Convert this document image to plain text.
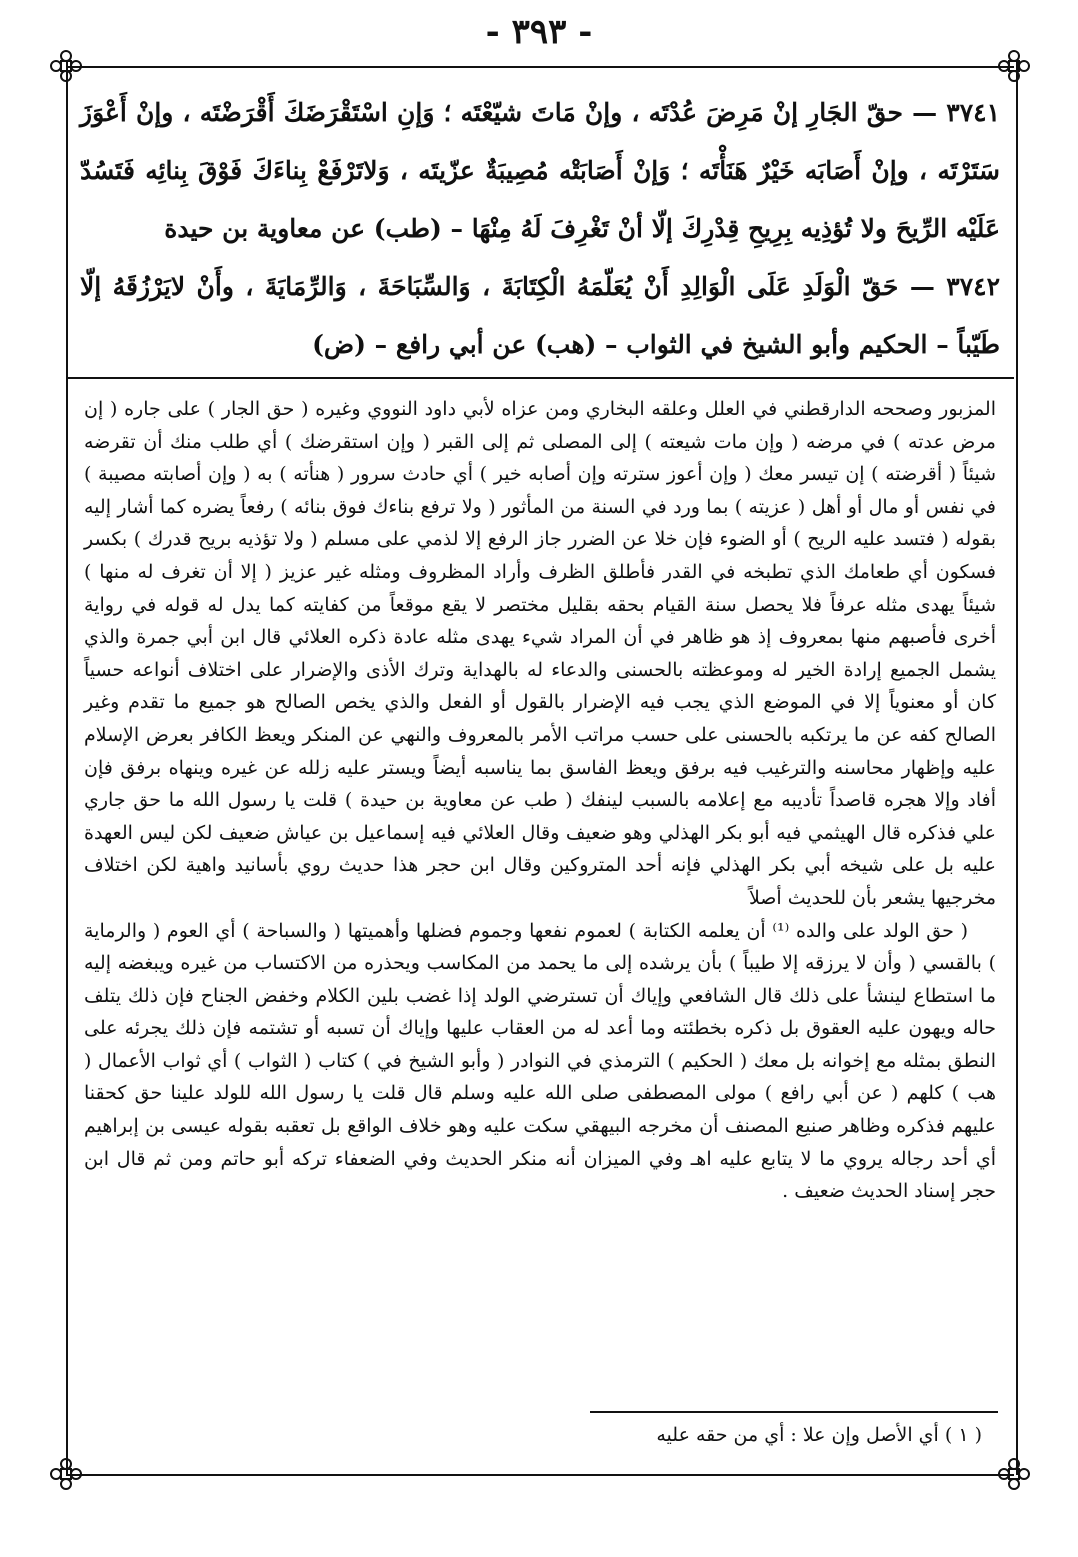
- ٣٩٣ -

٣٧٤١ — حقّ الجَارِ إنْ مَرِضَ عُدْتَه ، وإنْ مَاتَ شيّعْتَه ؛ وَإنِ اسْتَقْرَضَكَ أَقْرَضْتَه ، وإنْ أَعْوَزَ سَتَرْتَه ، وإنْ أَصَابَه خَيْرٌ هَنَأْتَه ؛ وَإنْ أَصَابَتْه مُصِيبَةٌ عزّيتَه ، وَلاتَرْفَعْ بِناءَكَ فَوْقَ بِنائِه فَتَسُدّ عَلَيْه الرِّيحَ ولا تُؤذِيه بِرِيحِ قِدْرِكَ إلّا أنْ تَغْرِفَ لَهُ مِنْهَا – (طب) عن معاوية بن حيدة

٣٧٤٢ — حَقّ الْوَلَدِ عَلَى الْوَالِدِ أَنْ يُعَلّمَهُ الْكِتَابَةَ ، وَالسِّبَاحَةَ ، وَالرِّمَايَةَ ، وأَنْ لايَرْزُقَهُ إلّا طَيّباً – الحكيم وأبو الشيخ في الثواب – (هب) عن أبي رافع – (ض)

المزبور وصححه الدارقطني في العلل وعلقه البخاري ومن عزاه لأبي داود النووي وغيره ( حق الجار ) على جاره ( إن مرض عدته ) في مرضه ( وإن مات شيعته ) إلى المصلى ثم إلى القبر ( وإن استقرضك ) أي طلب منك أن تقرضه شيئاً ( أقرضته ) إن تيسر معك ( وإن أعوز سترته وإن أصابه خير ) أي حادث سرور ( هنأته ) به ( وإن أصابته مصيبة ) في نفس أو مال أو أهل ( عزيته ) بما ورد في السنة من المأثور ( ولا ترفع بناءك فوق بنائه ) رفعاً يضره كما أشار إليه بقوله ( فتسد عليه الريح ) أو الضوء فإن خلا عن الضرر جاز الرفع إلا لذمي على مسلم ( ولا تؤذيه بريح قدرك ) بكسر فسكون أي طعامك الذي تطبخه في القدر فأطلق الظرف وأراد المظروف ومثله غير عزيز ( إلا أن تغرف له منها ) شيئاً يهدى مثله عرفاً فلا يحصل سنة القيام بحقه بقليل مختصر لا يقع موقعاً من كفايته كما يدل له قوله في رواية أخرى فأصبهم منها بمعروف إذ هو ظاهر في أن المراد شيء يهدى مثله عادة ذكره العلائي قال ابن أبي جمرة والذي يشمل الجميع إرادة الخير له وموعظته بالحسنى والدعاء له بالهداية وترك الأذى والإضرار على اختلاف أنواعه حسياً كان أو معنوياً إلا في الموضع الذي يجب فيه الإضرار بالقول أو الفعل والذي يخص الصالح هو جميع ما تقدم وغير الصالح كفه عن ما يرتكبه بالحسنى على حسب مراتب الأمر بالمعروف والنهي عن المنكر ويعظ الكافر بعرض الإسلام عليه وإظهار محاسنه والترغيب فيه برفق ويعظ الفاسق بما يناسبه أيضاً ويستر عليه زلله عن غيره وينهاه برفق فإن أفاد وإلا هجره قاصداً تأديبه مع إعلامه بالسبب لينفك ( طب عن معاوية بن حيدة ) قلت يا رسول الله ما حق جاري علي فذكره قال الهيثمي فيه أبو بكر الهذلي وهو ضعيف وقال العلائي فيه إسماعيل بن عياش ضعيف لكن ليس العهدة عليه بل على شيخه أبي بكر الهذلي فإنه أحد المتروكين وقال ابن حجر هذا حديث روي بأسانيد واهية لكن اختلاف مخرجيها يشعر بأن للحديث أصلاً

( حق الولد على والده ⁽¹⁾ أن يعلمه الكتابة ) لعموم نفعها وجموم فضلها وأهميتها ( والسباحة ) أي العوم ( والرماية ) بالقسي ( وأن لا يرزقه إلا طيباً ) بأن يرشده إلى ما يحمد من المكاسب ويحذره من الاكتساب من غيره ويبغضه إليه ما استطاع لينشأ على ذلك قال الشافعي وإياك أن تسترضي الولد إذا غضب بلين الكلام وخفض الجناح فإن ذلك يتلف حاله ويهون عليه العقوق بل ذكره بخطئته وما أعد له من العقاب عليها وإياك أن تسبه أو تشتمه فإن ذلك يجرئه على النطق بمثله مع إخوانه بل معك ( الحكيم ) الترمذي في النوادر ( وأبو الشيخ في ) كتاب ( الثواب ) أي ثواب الأعمال ( هب ) كلهم ( عن أبي رافع ) مولى المصطفى صلى الله عليه وسلم قال قلت يا رسول الله للولد علينا حق كحقنا عليهم فذكره وظاهر صنيع المصنف أن مخرجه البيهقي سكت عليه وهو خلاف الواقع بل تعقبه بقوله عيسى بن إبراهيم أي أحد رجاله يروي ما لا يتابع عليه اهـ وفي الميزان أنه منكر الحديث وفي الضعفاء تركه أبو حاتم ومن ثم قال ابن حجر إسناد الحديث ضعيف .

( ١ ) أي الأصل وإن علا : أي من حقه عليه
